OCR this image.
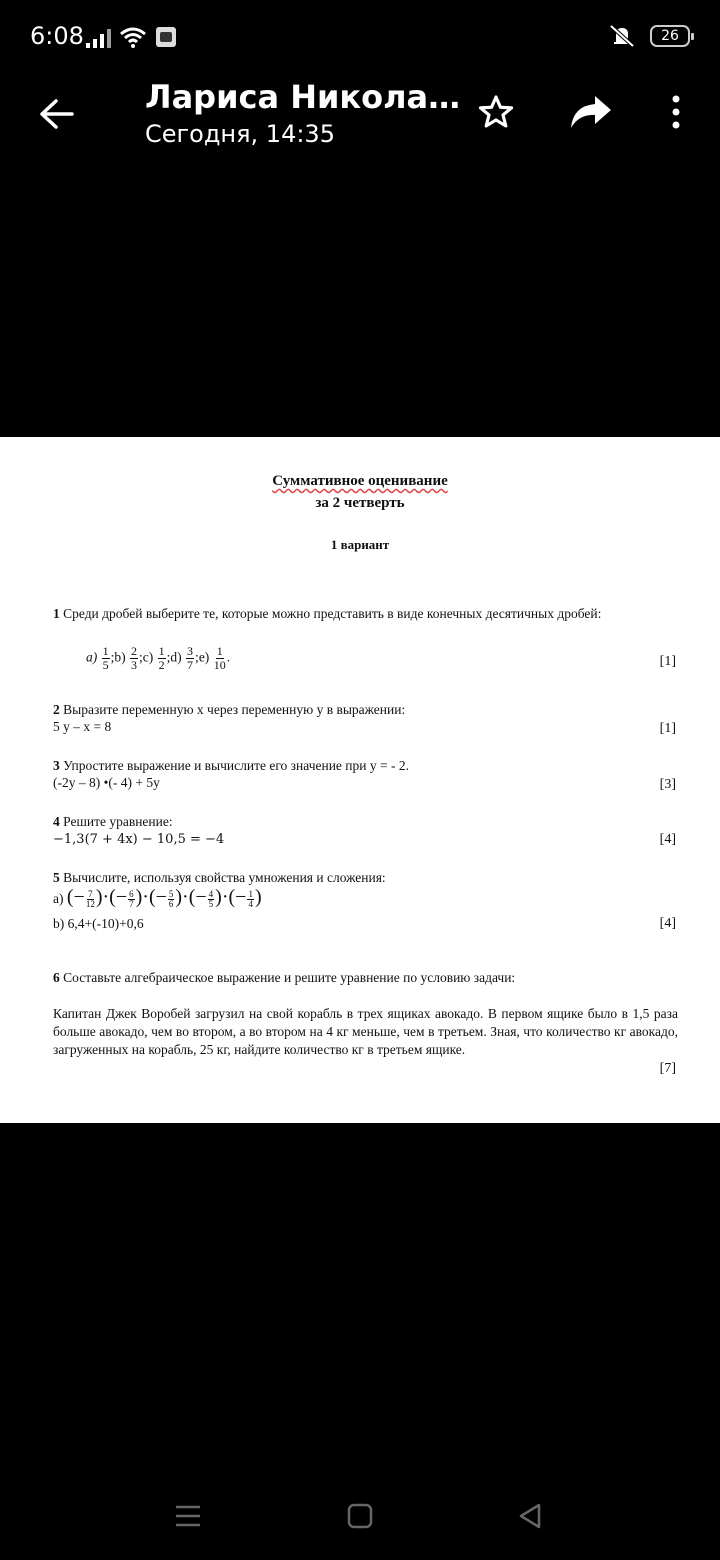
6:08	26
Лариса Никола…
Сегодня, 14:35
Суммативное оценивание
за 2 четверть
1 вариант
1 Среди дробей выберите те, которые можно представить в виде конечных десятичных дробей:
$a) \frac{1}{5}$ ;b) $\frac{2}{3}$ ;c) $\frac{1}{2}$ ;d) $\frac{3}{7}$ ;e) $\frac{1}{10}$ .	[1]
2 Выразите переменную х через переменную у в выражении:
5 y – x = 8	[1]
3 Упростите выражение и вычислите его значение при у = - 2.
(-2y – 8) •(- 4) + 5y	[3]
4 Решите уравнение:
−1,3(7 + 4x) − 10,5 = −4	[4]
5 Вычислите, используя свойства умножения и сложения:
a) (− $\frac{7}{12}$ )·(− $\frac{6}{7}$ )·(− $\frac{5}{6}$ )·(− $\frac{4}{5}$ )·(− $\frac{1}{4}$ )
b) 6,4+(-10)+0,6	[4]
6 Составьте алгебраическое выражение и решите уравнение по условию задачи:
Капитан Джек Воробей загрузил на свой корабль в трех ящиках авокадо. В первом ящике было в 1,5 раза больше авокадо, чем во втором, а во втором на 4 кг меньше, чем в третьем. Зная, что количество кг авокадо, загруженных на корабль, 25 кг, найдите количество кг в третьем ящике.
[7]
